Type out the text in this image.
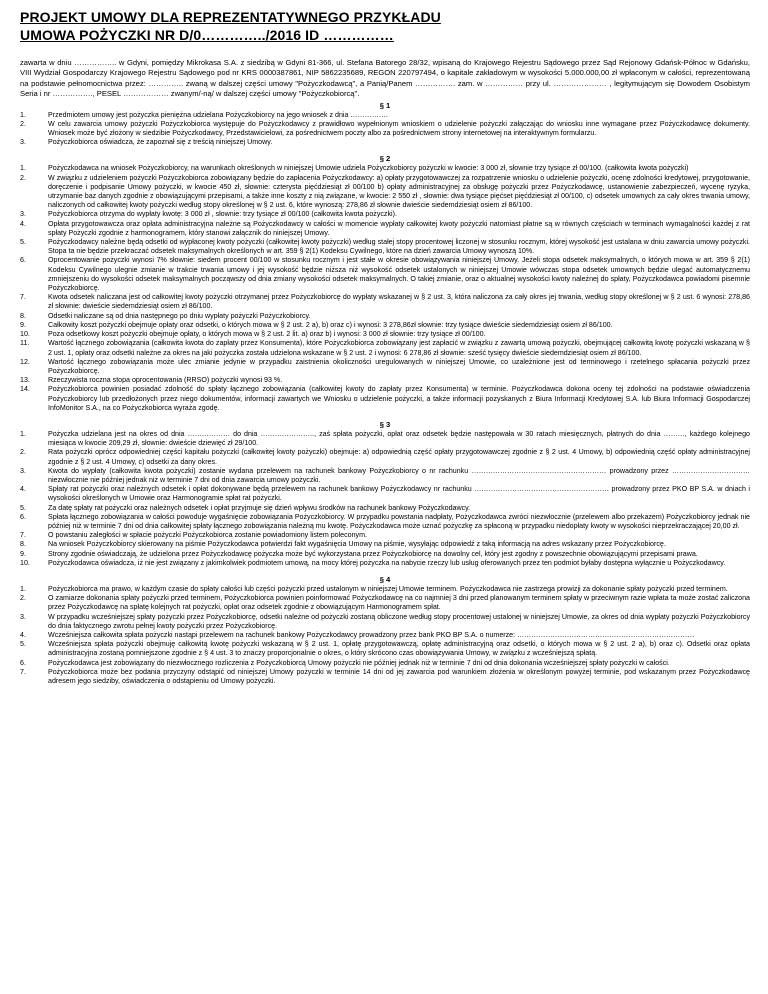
PROJEKT UMOWY DLA REPREZENTATYWNEGO PRZYKŁADU
UMOWA POŻYCZKI NR D/0…………../2016 ID ……………
zawarta w dniu …………….. w Gdyni, pomiędzy Mikrokasa S.A. z siedzibą w Gdyni 81-366, ul. Stefana Batorego 28/32, wpisaną do Krajowego Rejestru Sądowego przez Sąd Rejonowy Gdańsk-Północ w Gdańsku, VIII Wydział Gospodarczy Krajowego Rejestru Sądowego pod nr KRS 0000387861, NIP 5862235689, REGON 220797494, o kapitale zakładowym w wysokości 5.000.000,00 zł wpłaconym w całości, reprezentowaną na podstawie pełnomocnictwa przez: ………….. zwaną w dalszej części umowy "Pożyczkodawcą", a Panią/Panem ……………. zam. w …………… przy ul. ………………… , legitymującym się Dowodem Osobistym Seria i nr ……………., PESEL ……………… zwanym/-ną/ w dalszej części umowy "Pożyczkobiorcą".
§ 1
1.	Przedmiotem umowy jest pożyczka pieniężna udzielana Pożyczkobiorcy na jego wniosek z dnia …………….
2.	W celu zawarcia umowy pożyczki Pożyczkobiorca występuje do Pożyczkodawcy z prawidłowo wypełnionym wnioskiem o udzielenie pożyczki załączając do wniosku inne wymagane przez Pożyczkodawcę dokumenty. Wniosek może być złożony w siedzibie Pożyczkodawcy, Przedstawicielowi, za pośrednictwem poczty albo za pośrednictwem strony internetowej na interaktywnym formularzu.
3.	Pożyczkobiorca oświadcza, że zapoznał się z treścią niniejszej Umowy.
§ 2
1.	Pożyczkodawca na wniosek Pożyczkobiorcy, na warunkach określonych w niniejszej Umowie udziela Pożyczkobiorcy pożyczki w kwocie: 3 000 zł, słownie trzy tysiące zł 00/100. (całkowita kwota pożyczki)
2.	W związku z udzieleniem pożyczki Pożyczkobiorca zobowiązany będzie do zapłacenia Pożyczkodawcy: a) opłaty przygotowawczej za rozpatrzenie wniosku o udzielenie pożyczki, ocenę zdolności kredytowej, przygotowanie, doręczenie i podpisanie Umowy pożyczki, w kwocie 450 zł, słownie: czterysta pięćdziesiąt zł 00/100 b) opłaty administracyjnej za obsługę pożyczki przez Pożyczkodawcę, ustanowienie zabezpieczeń, wycenę ryzyka, utrzymanie baz danych zgodnie z obowiązującymi przepisami, a także inne koszty z nią związane, w kwocie: 2 550 zł , słownie: dwa tysiące pięćset pięćdziesiąt zł 00/100, c) odsetek umownych za cały okres trwania umowy, naliczonych od całkowitej kwoty pożyczki według stopy określonej w § 2 ust. 6, które wynoszą: 278,86 zł słownie dwieście siedemdziesiąt osiem zł 86/100.
3.	Pożyczkobiorca otrzyma do wypłaty kwotę: 3 000 zł , słownie: trzy tysiące zł 00/100 (całkowita kwota pożyczki).
4.	Opłata przygotowawcza oraz opłata administracyjna należne są Pożyczkodawcy w całości w momencie wypłaty całkowitej kwoty pożyczki natomiast płatne są w równych częściach w terminach wymagalności każdej z rat spłaty Pożyczki zgodnie z harmonogramem, który stanowi załącznik do niniejszej Umowy.
5.	Pożyczkodawcy należne będą odsetki od wypłaconej kwoty pożyczki (całkowitej kwoty pożyczki) według stałej stopy procentowej liczonej w stosunku rocznym, której wysokość jest ustalana w dniu zawarcia umowy pożyczki. Stopa ta nie będzie przekraczać odsetek maksymalnych określonych w art. 359 § 2(1) Kodeksu Cywilnego, które na dzień zawarcia Umowy wynoszą 10%.
6.	Oprocentowanie pożyczki wynosi 7% słownie: siedem procent 00/100 w stosunku rocznym i jest stałe w okresie obowiązywania niniejszej Umowy. Jeżeli stopa odsetek maksymalnych, o których mowa w art. 359 § 2(1) Kodeksu Cywilnego ulegnie zmianie w trakcie trwania umowy i jej wysokość będzie niższa niż wysokość odsetek ustalonych w niniejszej Umowie wówczas stopa odsetek umownych będzie ulegać automatycznemu zmniejszeniu do wysokości odsetek maksymalnych począwszy od dnia zmiany wysokości odsetek maksymalnych. O takiej zmianie, oraz o aktualnej wysokości kwoty należnej do spłaty, Pożyczkodawca powiadomi pisemnie Pożyczkobiorcę.
7.	Kwota odsetek naliczana jest od całkowitej kwoty pożyczki otrzymanej przez Pożyczkobiorcę do wypłaty wskazanej w § 2 ust. 3, która naliczona za cały okres jej trwania, według stopy określonej w § 2 ust. 6 wynosi: 278,86 zł słownie: dwieście siedemdziesiąt osiem zł 86/100.
8.	Odsetki naliczane są od dnia następnego po dniu wypłaty pożyczki Pożyczkobiorcy.
9.	Całkowity koszt pożyczki obejmuje opłaty oraz odsetki, o których mowa w § 2 ust. 2 a), b) oraz c) i wynosi: 3 278,86zł słownie: trzy tysiące dwieście siedemdziesiąt osiem zł 86/100.
10.	Poza odsetkowy koszt pożyczki obejmuje opłaty, o których mowa w § 2 ust. 2 lit. a) oraz b) i wynosi: 3 000 zł słownie: trzy tysiące zł 00/100.
11.	Wartość łącznego zobowiązania (całkowita kwota do zapłaty przez Konsumenta), które Pożyczkobiorca zobowiązany jest zapłacić w związku z zawartą umową pożyczki, obejmującej całkowitą kwotę pożyczki wskazaną w § 2 ust. 1, opłaty oraz odsetki należne za okres na jaki pożyczka została udzielona wskazane w § 2 ust. 2 i wynosi: 6 278,86 zł słownie: sześć tysięcy dwieście siedemdziesiąt osiem zł 86/100.
12.	Wartość łącznego zobowiązania może ulec zmianie jedynie w przypadku zaistnienia okoliczności uregulowanych w niniejszej Umowie, co uzależnione jest od terminowego i rzetelnego spłacania pożyczki przez Pożyczkobiorcę.
13.	Rzeczywista roczna stopa oprocentowania (RRSO) pożyczki wynosi 93 %.
14.	Pożyczkobiorca powinien posiadać zdolność do spłaty łącznego zobowiązania (całkowitej kwoty do zapłaty przez Konsumenta) w terminie. Pożyczkodawca dokona oceny tej zdolności na podstawie oświadczenia Pożyczkobiorcy lub przedłożonych przez niego dokumentów, informacji zawartych we Wniosku o udzielenie pożyczki, a także informacji pozyskanych z Biura Informacji Kredytowej S.A. lub Biura Informacji Gospodarczej InfoMonitor S.A., na co Pożyczkobiorca wyraża zgodę.
§ 3
1.	Pożyczka udzielana jest na okres od dnia ……………… do dnia ………………….., zaś spłata pożyczki, opłat oraz odsetek będzie następowała w 30 ratach miesięcznych, płatnych do dnia ………, każdego kolejnego miesiąca w kwocie 209,29 zł, słownie: dwieście dziewięć zł 29/100.
2.	Rata pożyczki oprócz odpowiedniej części kapitału pożyczki (całkowitej kwoty pożyczki) obejmuje: a) odpowiednią część opłaty przygotowawczej zgodnie z § 2 ust. 4 Umowy, b) odpowiednią część opłaty administracyjnej zgodnie z § 2 ust. 4 Umowy, c) odsetki za dany okres.
3.	Kwota do wypłaty (całkowita kwota pożyczki) zostanie wydana przelewem na rachunek bankowy Pożyczkobiorcy o nr rachunku ………………………………………………… prowadzony przez …………………………… niezwłocznie nie później jednak niż w terminie 7 dni od dnia zawarcia umowy pożyczki.
4.	Spłaty rat pożyczki oraz należnych odsetek i opłat dokonywane będą przelewem na rachunek bankowy Pożyczkodawcy nr rachunku ………………………………………………… prowadzony przez PKO BP S.A. w dniach i wysokości określonych w Umowie oraz Harmonogramie spłat rat pożyczki.
5.	Za datę spłaty rat pożyczki oraz należnych odsetek i opłat przyjmuje się dzień wpływu środków na rachunek bankowy Pożyczkodawcy.
6.	Spłata łącznego zobowiązania w całości powoduje wygaśnięcie zobowiązania Pożyczkobiorcy. W przypadku powstania nadpłaty, Pożyczkodawca zwróci niezwłocznie (przelewem albo przekazem) Pożyczkobiorcy jednak nie później niż w terminie 7 dni od dnia całkowitej spłaty łącznego zobowiązania należną mu kwotę. Pożyczkodawca może uznać pożyczkę za spłaconą w przypadku niedopłaty kwoty w wysokości nieprzekraczającej 20,00 zł.
7.	O powstaniu zaległości w spłacie pożyczki Pożyczkobiorca zostanie powiadomiony listem poleconym.
8.	Na wniosek Pożyczkobiorcy skierowany na piśmie Pożyczkodawca potwierdzi fakt wygaśnięcia Umowy na piśmie, wysyłając odpowiedź z taką informacją na adres wskazany przez Pożyczkobiorcę.
9.	Strony zgodnie oświadczają, że udzielona przez Pożyczkodawcę pożyczka może być wykorzystana przez Pożyczkobiorcę na dowolny cel, który jest zgodny z powszechnie obowiązującymi przepisami prawa.
10.	Pożyczkodawca oświadcza, iż nie jest związany z jakimkolwiek podmiotem umową, na mocy której pożyczka na nabycie rzeczy lub usług oferowanych przez ten podmiot byłaby dostępna wyłącznie u Pożyczkodawcy.
§ 4
1.	Pożyczkobiorca ma prawo, w każdym czasie do spłaty całości lub części pożyczki przed ustalonym w niniejszej Umowie terminem. Pożyczkodawca nie zastrzega prowizji za dokonanie spłaty pożyczki przed terminem.
2.	O zamiarze dokonania spłaty pożyczki przed terminem, Pożyczkobiorca powinien poinformować Pożyczkodawcę na co najmniej 3 dni przed planowanym terminem spłaty w przeciwnym razie wpłata ta może zostać zaliczona przez Pożyczkodawcę na spłatę kolejnych rat pożyczki, opłat oraz odsetek zgodnie z obowiązującym Harmonogramem spłat.
3.	W przypadku wcześniejszej spłaty pożyczki przez Pożyczkobiorcę, odsetki należne od pożyczki zostaną obliczone według stopy procentowej ustalonej w niniejszej Umowie, za okres od dnia wypłaty pożyczki Pożyczkobiorcy do dnia faktycznego zwrotu pełnej kwoty pożyczki przez Pożyczkobiorcę.
4.	Wcześniejsza całkowita spłata pożyczki nastąpi przelewem na rachunek bankowy Pożyczkodawcy prowadzony przez bank PKO BP S.A. o numerze: …………………………………………………………………
5.	Wcześniejsza spłata pożyczki obejmuję całkowitą kwotę pożyczki wskazaną w § 2 ust. 1, opłatę przygotowawczą, opłatę administracyjną oraz odsetki, o których mowa w § 2 ust. 2 a), b) oraz c). Odsetki oraz opłata administracyjna zostaną pomniejszone zgodnie z § 4 ust. 3 to znaczy proporcjonalnie o okres, o który skrócono czas obowiązywania Umowy, w związku z wcześniejszą spłatą.
6.	Pożyczkodawca jest zobowiązany do niezwłocznego rozliczenia z Pożyczkobiorcą Umowy pożyczki nie później jednak niż w terminie 7 dni od dnia dokonania wcześniejszej spłaty pożyczki w całości.
7.	Pożyczkobiorca może bez podania przyczyny odstąpić od niniejszej Umowy pożyczki w terminie 14 dni od jej zawarcia pod warunkiem złożenia w określonym powyżej terminie, pod wskazanym przez Pożyczkodawcę adresem jego siedziby, oświadczenia o odstąpieniu od Umowy pożyczki.
